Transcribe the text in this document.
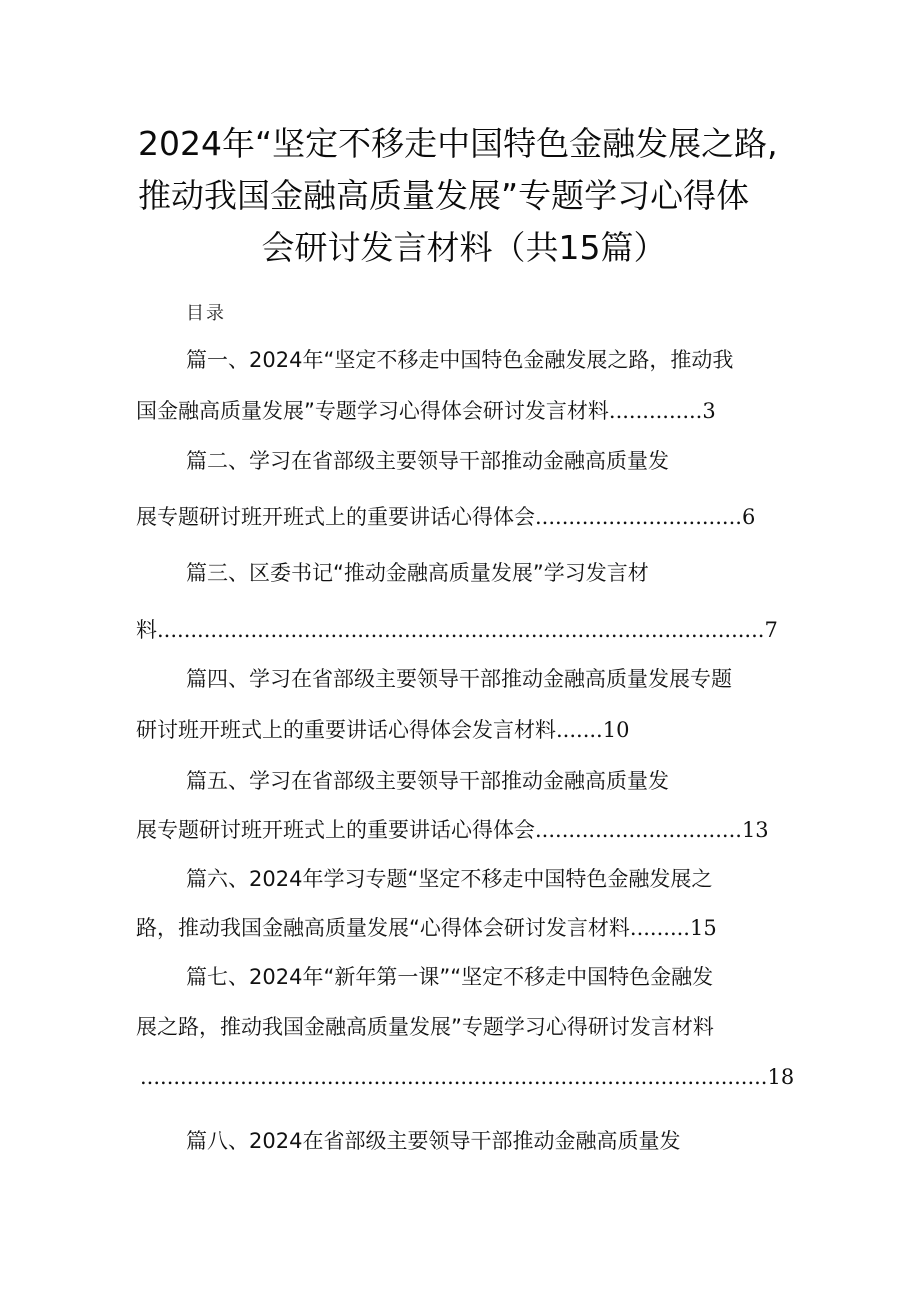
2024年“坚定不移走中国特色金融发展之路,
推动我国金融高质量发展”专题学习心得体
会研讨发言材料（共15篇）
目录
篇一、2024年“坚定不移走中国特色金融发展之路，推动我
国金融高质量发展”专题学习心得体会研讨发言材料..............3
篇二、学习在省部级主要领导干部推动金融高质量发
展专题研讨班开班式上的重要讲话心得体会...............................6
篇三、区委书记“推动金融高质量发展”学习发言材
料...........................................................................................7
篇四、学习在省部级主要领导干部推动金融高质量发展专题
研讨班开班式上的重要讲话心得体会发言材料.......10
篇五、学习在省部级主要领导干部推动金融高质量发
展专题研讨班开班式上的重要讲话心得体会...............................13
篇六、2024年学习专题“坚定不移走中国特色金融发展之
路，推动我国金融高质量发展“心得体会研讨发言材料.........15
篇七、2024年“新年第一课”“坚定不移走中国特色金融发
展之路，推动我国金融高质量发展”专题学习心得研讨发言材料
..............................................................................................18
篇八、2024在省部级主要领导干部推动金融高质量发
